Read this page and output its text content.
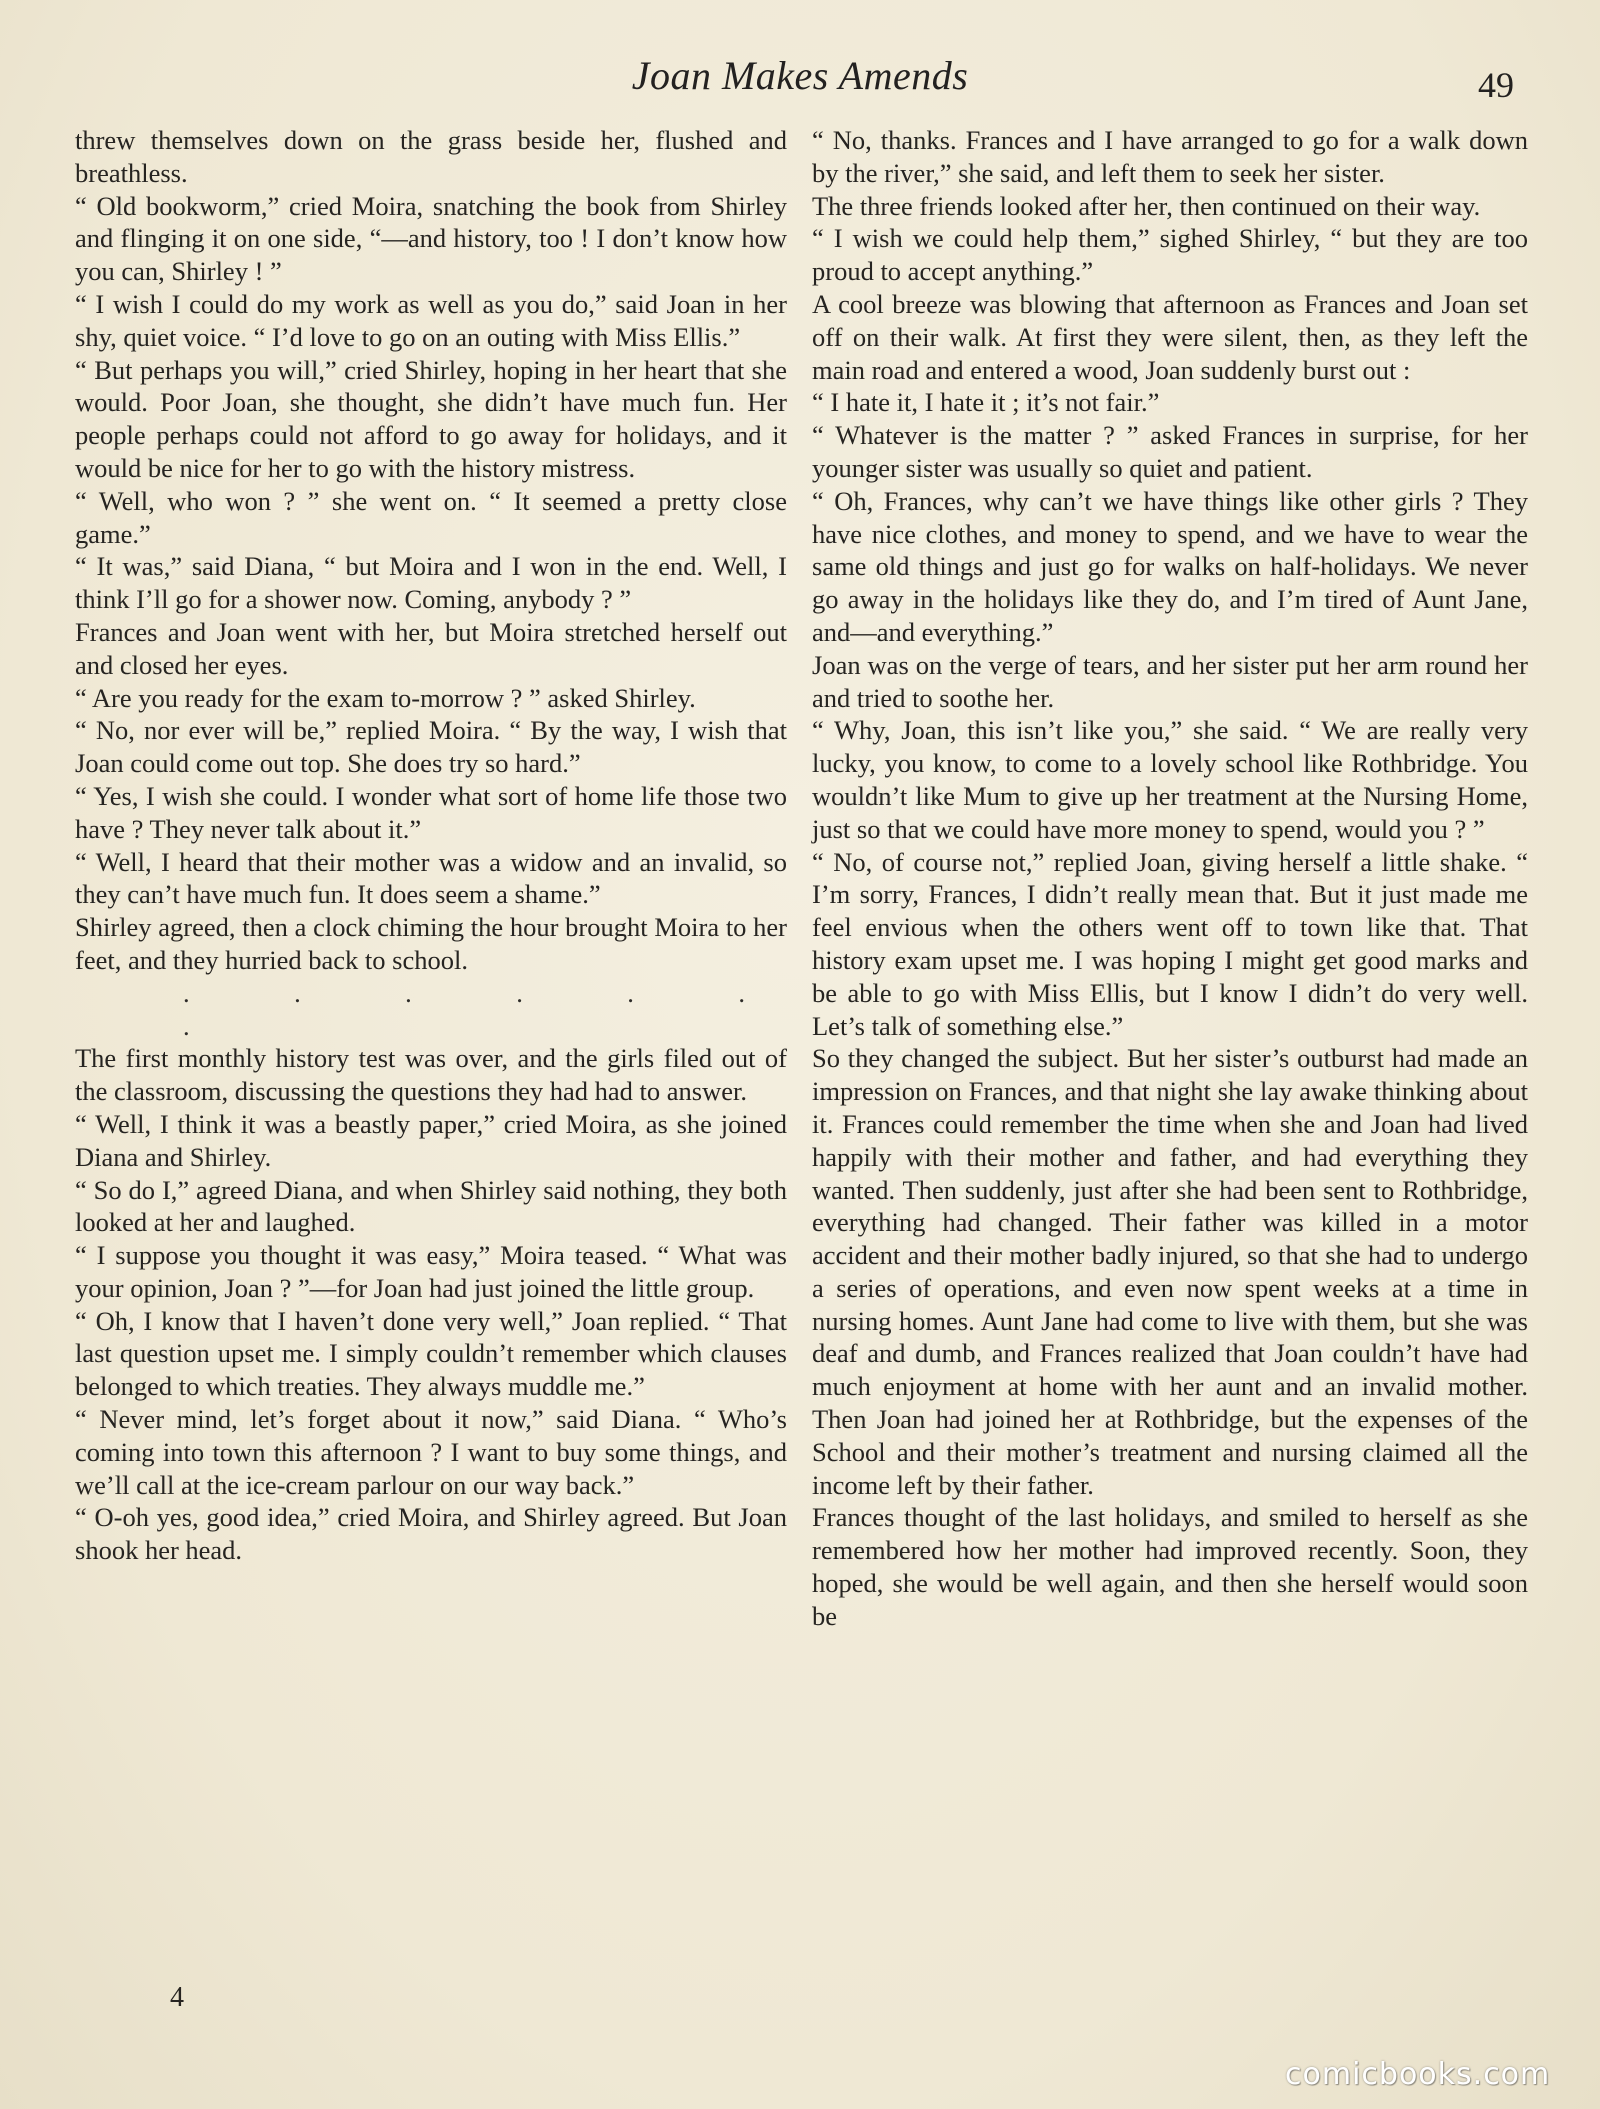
Joan Makes Amends	49

threw themselves down on the grass beside her, flushed and breathless.

“ Old bookworm,” cried Moira, snatching the book from Shirley and flinging it on one side, “—and history, too ! I don’t know how you can, Shirley ! ”

“ I wish I could do my work as well as you do,” said Joan in her shy, quiet voice. “ I’d love to go on an outing with Miss Ellis.”

“ But perhaps you will,” cried Shirley, hoping in her heart that she would. Poor Joan, she thought, she didn’t have much fun. Her people perhaps could not afford to go away for holidays, and it would be nice for her to go with the history mistress.

“ Well, who won ? ” she went on. “ It seemed a pretty close game.”

“ It was,” said Diana, “ but Moira and I won in the end. Well, I think I’ll go for a shower now. Coming, anybody ? ”

Frances and Joan went with her, but Moira stretched herself out and closed her eyes.

“ Are you ready for the exam to-morrow ? ” asked Shirley.

“ No, nor ever will be,” replied Moira. “ By the way, I wish that Joan could come out top. She does try so hard.”

“ Yes, I wish she could. I wonder what sort of home life those two have ? They never talk about it.”

“ Well, I heard that their mother was a widow and an invalid, so they can’t have much fun. It does seem a shame.”

Shirley agreed, then a clock chiming the hour brought Moira to her feet, and they hurried back to school.

. . . . . . .

The first monthly history test was over, and the girls filed out of the classroom, discussing the questions they had had to answer.

“ Well, I think it was a beastly paper,” cried Moira, as she joined Diana and Shirley.

“ So do I,” agreed Diana, and when Shirley said nothing, they both looked at her and laughed.

“ I suppose you thought it was easy,” Moira teased. “ What was your opinion, Joan ? ”—for Joan had just joined the little group.

“ Oh, I know that I haven’t done very well,” Joan replied. “ That last question upset me. I simply couldn’t remember which clauses belonged to which treaties. They always muddle me.”

“ Never mind, let’s forget about it now,” said Diana. “ Who’s coming into town this afternoon ? I want to buy some things, and we’ll call at the ice-cream parlour on our way back.”

“ O-oh yes, good idea,” cried Moira, and Shirley agreed. But Joan shook her head.

4

“ No, thanks. Frances and I have arranged to go for a walk down by the river,” she said, and left them to seek her sister.

The three friends looked after her, then continued on their way.

“ I wish we could help them,” sighed Shirley, “ but they are too proud to accept anything.”

A cool breeze was blowing that afternoon as Frances and Joan set off on their walk. At first they were silent, then, as they left the main road and entered a wood, Joan suddenly burst out :

“ I hate it, I hate it ; it’s not fair.”

“ Whatever is the matter ? ” asked Frances in surprise, for her younger sister was usually so quiet and patient.

“ Oh, Frances, why can’t we have things like other girls ? They have nice clothes, and money to spend, and we have to wear the same old things and just go for walks on half-holidays. We never go away in the holidays like they do, and I’m tired of Aunt Jane, and—and everything.”

Joan was on the verge of tears, and her sister put her arm round her and tried to soothe her.

“ Why, Joan, this isn’t like you,” she said. “ We are really very lucky, you know, to come to a lovely school like Rothbridge. You wouldn’t like Mum to give up her treatment at the Nursing Home, just so that we could have more money to spend, would you ? ”

“ No, of course not,” replied Joan, giving herself a little shake. “ I’m sorry, Frances, I didn’t really mean that. But it just made me feel envious when the others went off to town like that. That history exam upset me. I was hoping I might get good marks and be able to go with Miss Ellis, but I know I didn’t do very well. Let’s talk of something else.”

So they changed the subject. But her sister’s outburst had made an impression on Frances, and that night she lay awake thinking about it. Frances could remember the time when she and Joan had lived happily with their mother and father, and had everything they wanted. Then suddenly, just after she had been sent to Rothbridge, everything had changed. Their father was killed in a motor accident and their mother badly injured, so that she had to undergo a series of operations, and even now spent weeks at a time in nursing homes. Aunt Jane had come to live with them, but she was deaf and dumb, and Frances realized that Joan couldn’t have had much enjoyment at home with her aunt and an invalid mother. Then Joan had joined her at Rothbridge, but the expenses of the School and their mother’s treatment and nursing claimed all the income left by their father.

Frances thought of the last holidays, and smiled to herself as she remembered how her mother had improved recently. Soon, they hoped, she would be well again, and then she herself would soon be

comicbooks.com
